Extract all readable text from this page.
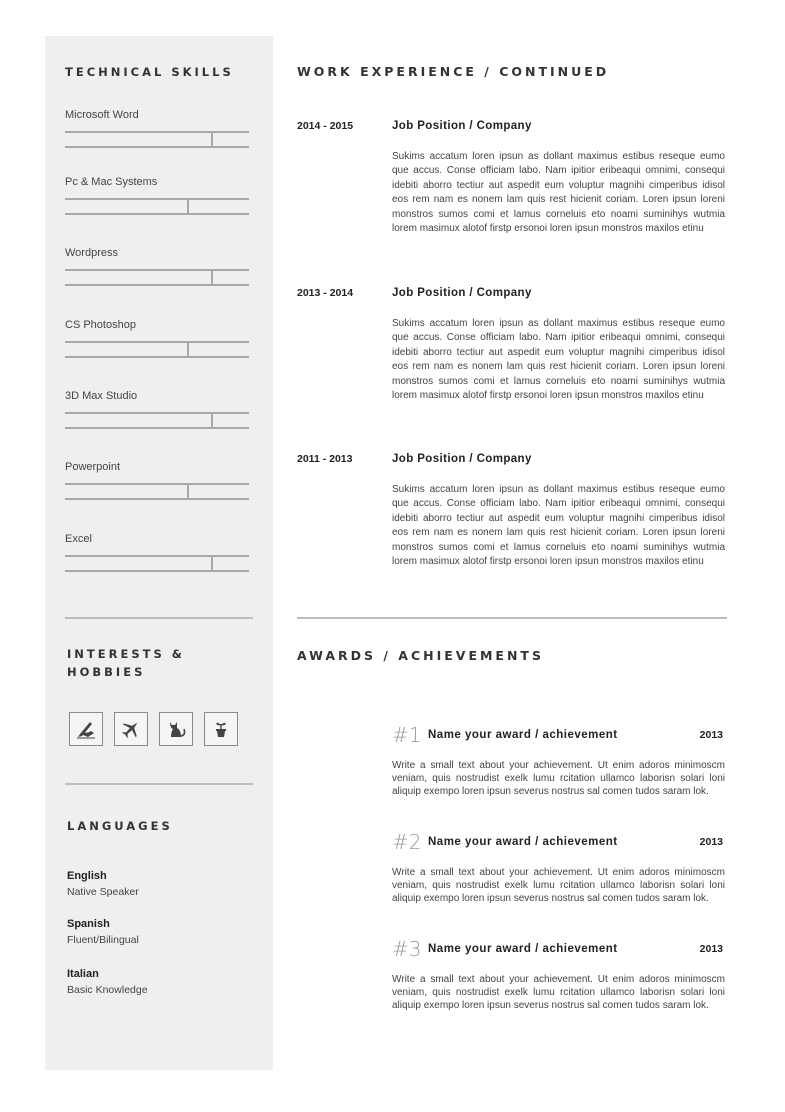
TECHNICAL SKILLS
Microsoft Word
Pc & Mac Systems
Wordpress
CS Photoshop
3D Max Studio
Powerpoint
Excel
INTERESTS &
HOBBIES
LANGUAGES
English
Native Speaker
Spanish
Fluent/Bilingual
Italian
Basic Knowledge
WORK EXPERIENCE / CONTINUED
2014 - 2015	Job Position / Company
Sukims accatum loren ipsun as dollant maximus estibus reseque eumo que accus. Conse officiam labo. Nam ipitior eribeaqui omnimi, consequi idebiti aborro tectiur aut aspedit eum voluptur magnihi cimperibus idisol eos rem nam es nonem lam quis rest hicienit coriam. Loren ipsun loreni monstros sumos comi et lamus corneluis eto noami suminihys wutmia lorem masimux alotof firstp ersonoi loren ipsun monstros maxilos etinu
2013 - 2014	Job Position / Company
Sukims accatum loren ipsun as dollant maximus estibus reseque eumo que accus. Conse officiam labo. Nam ipitior eribeaqui omnimi, consequi idebiti aborro tectiur aut aspedit eum voluptur magnihi cimperibus idisol eos rem nam es nonem lam quis rest hicienit coriam. Loren ipsun loreni monstros sumos comi et lamus corneluis eto noami suminihys wutmia lorem masimux alotof firstp ersonoi loren ipsun monstros maxilos etinu
2011 - 2013	Job Position / Company
Sukims accatum loren ipsun as dollant maximus estibus reseque eumo que accus. Conse officiam labo. Nam ipitior eribeaqui omnimi, consequi idebiti aborro tectiur aut aspedit eum voluptur magnihi cimperibus idisol eos rem nam es nonem lam quis rest hicienit coriam. Loren ipsun loreni monstros sumos comi et lamus corneluis eto noami suminihys wutmia lorem masimux alotof firstp ersonoi loren ipsun monstros maxilos etinu
AWARDS / ACHIEVEMENTS
#1 Name your award / achievement	2013
Write a small text about your achievement. Ut enim adoros minimoscm veniam, quis nostrudist exelk lumu rcitation ullamco laborisn solari loni aliquip exempo loren ipsun severus nostrus sal comen tudos saram lok.
#2 Name your award / achievement	2013
Write a small text about your achievement. Ut enim adoros minimoscm veniam, quis nostrudist exelk lumu rcitation ullamco laborisn solari loni aliquip exempo loren ipsun severus nostrus sal comen tudos saram lok.
#3 Name your award / achievement	2013
Write a small text about your achievement. Ut enim adoros minimoscm veniam, quis nostrudist exelk lumu rcitation ullamco laborisn solari loni aliquip exempo loren ipsun severus nostrus sal comen tudos saram lok.
